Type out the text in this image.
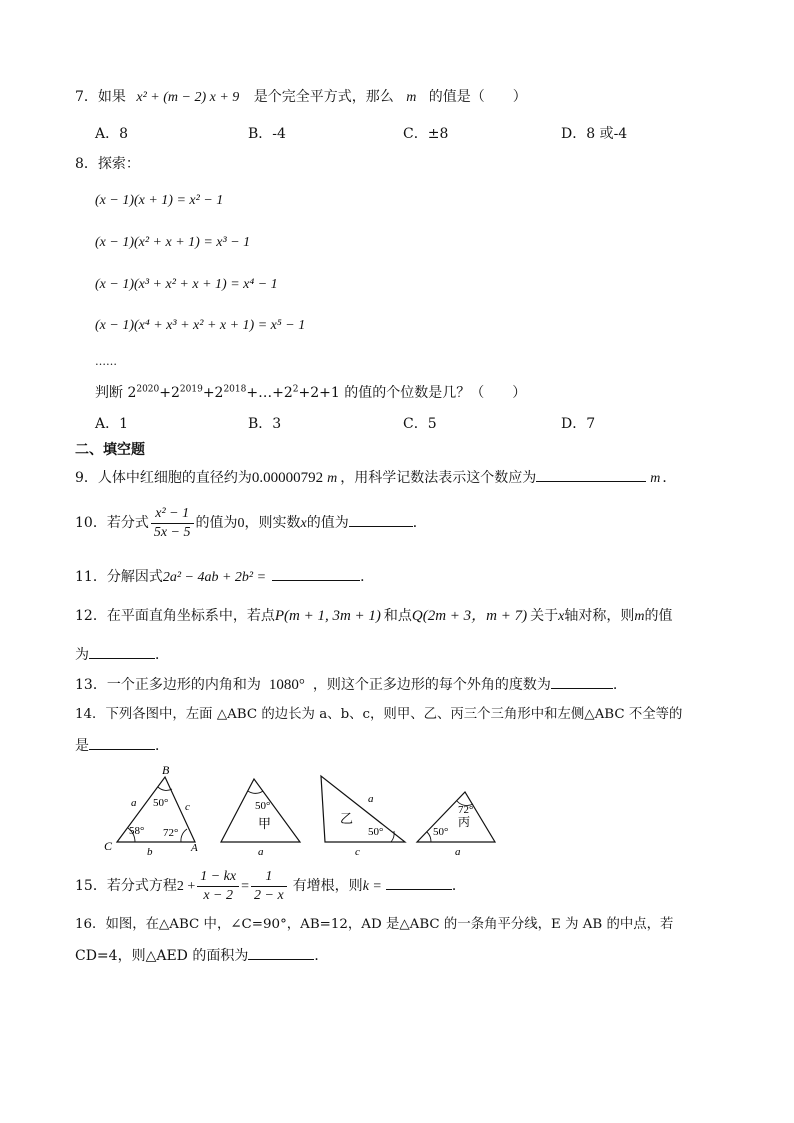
7．如果 x² + (m − 2) x + 9 是个完全平方式，那么 m 的值是（　　）
A．8	B．-4	C．±8	D．8 或-4
8．探索：
(x − 1)(x + 1) = x² − 1
(x − 1)(x² + x + 1) = x³ − 1
(x − 1)(x³ + x² + x + 1) = x⁴ − 1
(x − 1)(x⁴ + x³ + x² + x + 1) = x⁵ − 1
……
判断 $2^{2020}+2^{2019}+2^{2018}+\dots+2^2+2+1$ 的值的个位数是几？（　　）
A．1	B．3	C．5	D．7
二、填空题
9．人体中红细胞的直径约为0.00000792 m ，用科学记数法表示这个数应为	m ．
10．若分式 $\frac{\text{x² − 1}}{5x - 5}$ 的值为0，则实数x的值为	．
11．分解因式2a² − 4ab + 2b² =	．
12．在平面直角坐标系中，若点P(m + 1, 3m + 1) 和点Q(2m + 3，m + 7) 关于x轴对称，则m的值
为	．
13．一个正多边形的内角和为 1080° ，则这个正多边形的每个外角的度数为	.
14．下列各图中，左面 △ABC 的边长为 a、b、c，则甲、乙、丙三个三角形中和左侧△ABC 不全等的
是	．
B
C	A
a	c
b
50°
58° 72°
50°
甲
a
a
乙
50°
c
72°
丙
50°
a
15．若分式方程$2 + \frac{1 - kx}{x - 2} = \frac{1}{2 - x}$ 有增根，则k =	．
16．如图，在△ABC 中，∠C=90°，AB=12，AD 是△ABC 的一条角平分线，E 为 AB 的中点，若
CD=4，则△AED 的面积为	．
